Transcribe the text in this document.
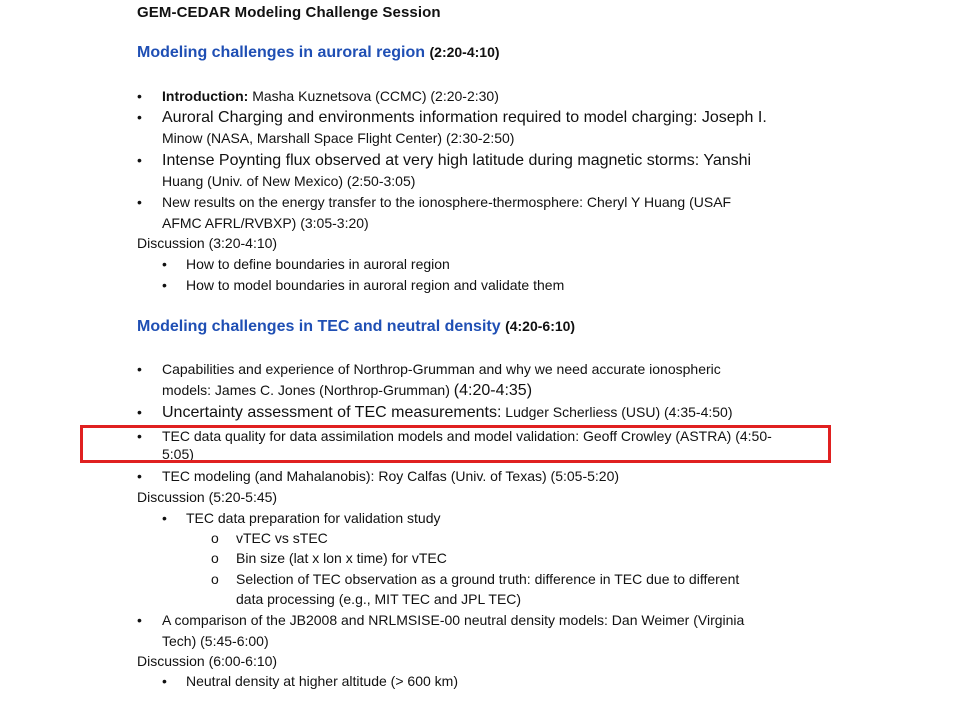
GEM-CEDAR Modeling Challenge Session
Modeling challenges in auroral region (2:20-4:10)
• Introduction: Masha Kuznetsova (CCMC) (2:20-2:30)
• Auroral Charging and environments information required to model charging: Joseph I.
Minow (NASA, Marshall Space Flight Center) (2:30-2:50)
• Intense Poynting flux observed at very high latitude during magnetic storms: Yanshi
Huang (Univ. of New Mexico) (2:50-3:05)
• New results on the energy transfer to the ionosphere-thermosphere: Cheryl Y Huang (USAF
AFMC AFRL/RVBXP) (3:05-3:20)
Discussion (3:20-4:10)
• How to define boundaries in auroral region
• How to model boundaries in auroral region and validate them
Modeling challenges in TEC and neutral density (4:20-6:10)
• Capabilities and experience of Northrop-Grumman and why we need accurate ionospheric
models: James C. Jones (Northrop-Grumman) (4:20-4:35)
• Uncertainty assessment of TEC measurements: Ludger Scherliess (USU) (4:35-4:50)
• TEC data quality for data assimilation models and model validation: Geoff Crowley (ASTRA) (4:50-
5:05)
• TEC modeling (and Mahalanobis): Roy Calfas (Univ. of Texas) (5:05-5:20)
Discussion (5:20-5:45)
• TEC data preparation for validation study
o vTEC vs sTEC
o Bin size (lat x lon x time) for vTEC
o Selection of TEC observation as a ground truth: difference in TEC due to different
data processing (e.g., MIT TEC and JPL TEC)
• A comparison of the JB2008 and NRLMSISE-00 neutral density models: Dan Weimer (Virginia
Tech) (5:45-6:00)
Discussion (6:00-6:10)
• Neutral density at higher altitude (> 600 km)
